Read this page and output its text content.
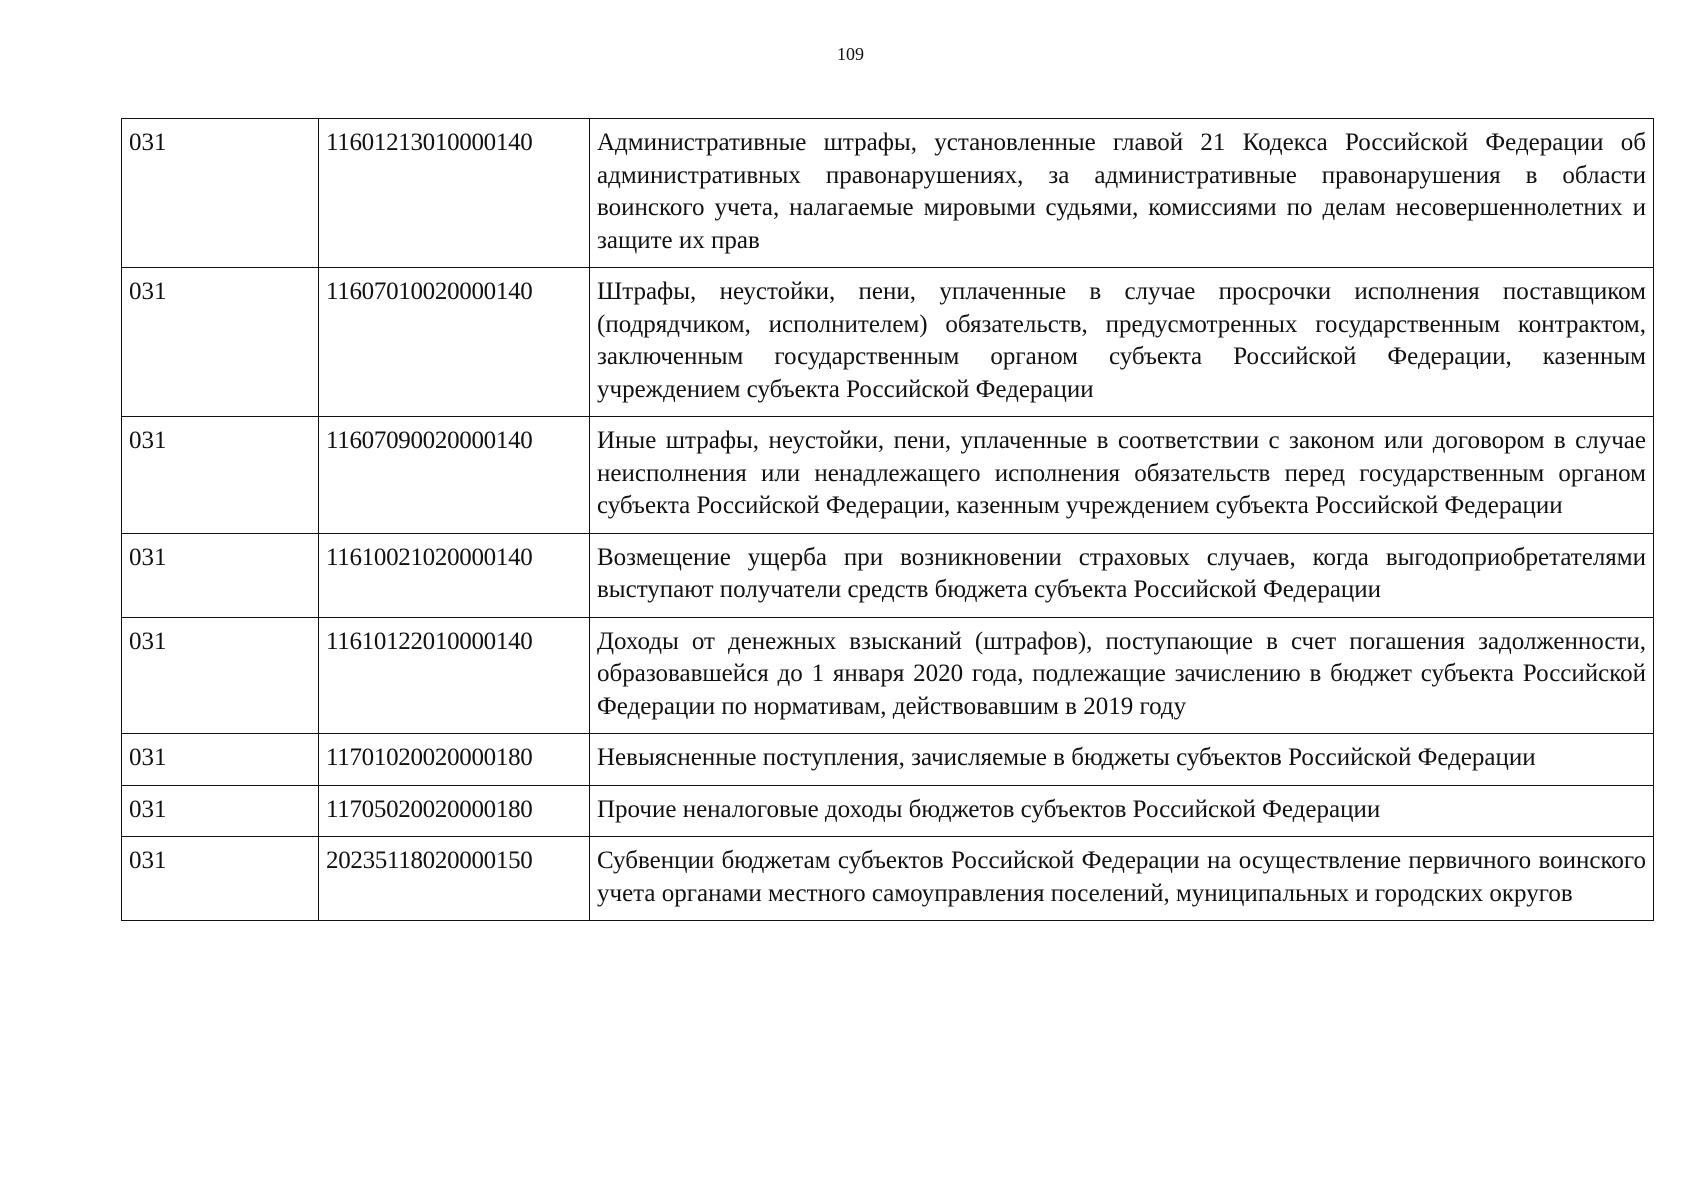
109
031	11601213010000140	Административные штрафы, установленные главой 21 Кодекса Российской Федерации об административных правонарушениях, за административные правонарушения в области воинского учета, налагаемые мировыми судьями, комиссиями по делам несовершеннолетних и защите их прав
031	11607010020000140	Штрафы, неустойки, пени, уплаченные в случае просрочки исполнения поставщиком (подрядчиком, исполнителем) обязательств, предусмотренных государственным контрактом, заключенным государственным органом субъекта Российской Федерации, казенным учреждением субъекта Российской Федерации
031	11607090020000140	Иные штрафы, неустойки, пени, уплаченные в соответствии с законом или договором в случае неисполнения или ненадлежащего исполнения обязательств перед государственным органом субъекта Российской Федерации, казенным учреждением субъекта Российской Федерации
031	11610021020000140	Возмещение ущерба при возникновении страховых случаев, когда выгодоприобретателями выступают получатели средств бюджета субъекта Российской Федерации
031	11610122010000140	Доходы от денежных взысканий (штрафов), поступающие в счет погашения задолженности, образовавшейся до 1 января 2020 года, подлежащие зачислению в бюджет субъекта Российской Федерации по нормативам, действовавшим в 2019 году
031	11701020020000180	Невыясненные поступления, зачисляемые в бюджеты субъектов Российской Федерации
031	11705020020000180	Прочие неналоговые доходы бюджетов субъектов Российской Федерации
031	20235118020000150	Субвенции бюджетам субъектов Российской Федерации на осуществление первичного воинского учета органами местного самоуправления поселений, муниципальных и городских округов
